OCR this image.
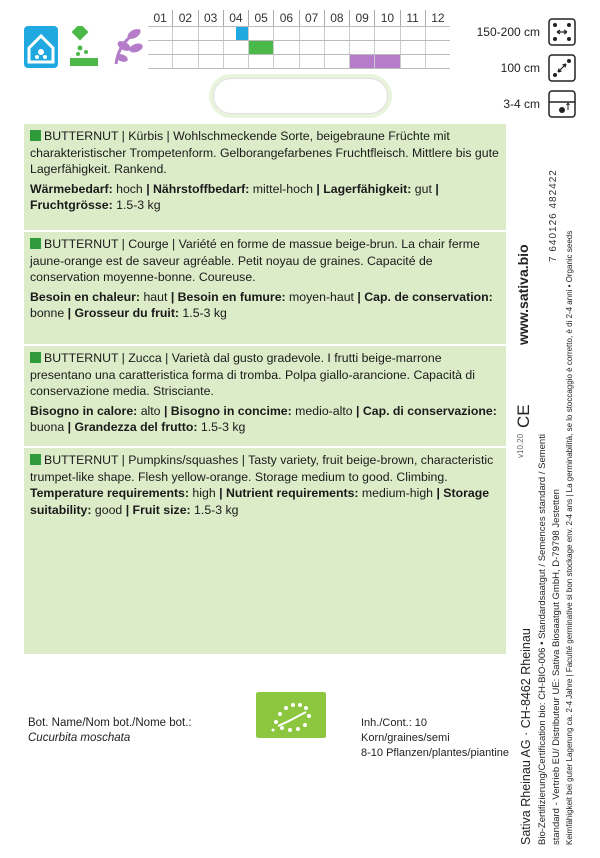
01 02 03 04 05 06 07 08 09 10	11	12
150-200 cm
100 cm
3-4 cm
BUTTERNUT | Kürbis | Wohlschmeckende Sorte, beigebraune Früchte mit charakteristischer Trompetenform. Gelborangefarbenes Fruchtfleisch. Mittlere bis gute Lagerfähigkeit. Rankend.
Wärmebedarf: hoch | Nährstoffbedarf: mittel-hoch | Lagerfähigkeit: gut | Fruchtgrösse: 1.5-3 kg
BUTTERNUT | Courge | Variété en forme de massue beige-brun. La chair ferme jaune-orange est de saveur agréable. Petit noyau de graines. Capacité de conservation moyenne-bonne. Coureuse.
Besoin en chaleur: haut | Besoin en fumure: moyen-haut | Cap. de conservation: bonne | Grosseur du fruit: 1.5-3 kg
BUTTERNUT | Zucca | Varietà dal gusto gradevole. I frutti beige-marrone presentano una caratteristica forma di tromba. Polpa giallo-arancione. Capacità di conservazione media. Strisciante.
Bisogno in calore: alto | Bisogno in concime: medio-alto | Cap. di conservazione: buona | Grandezza del frutto: 1.5-3 kg
BUTTERNUT | Pumpkins/squashes | Tasty variety, fruit beige-brown, characteristic trumpet-like shape. Flesh yellow-orange. Storage medium to good. Climbing.
Temperature requirements: high | Nutrient requirements: medium-high | Storage suitability: good | Fruit size: 1.5-3 kg
Bot. Name/Nom bot./Nome bot.:
Cucurbita moschata
Inh./Cont.: 10 Korn/graines/semi
8-10 Pflanzen/plantes/piantine
www.sativa.bio
7 640126 482422
CE
v10.20
Sativa Rheinau AG · CH-8462 Rheinau Bio-Zertifizierung/Certification bio: CH-BIO-006 • Standardsaatgut / Semences standard / Sementi standard - Vertrieb EU/ Distributeur UE: Sativa Biosaatgut GmbH, D-79798 Jestetten Keimfähigkeit bei guter Lagerung ca. 2-4 Jahre | Faculté germinative si bon stockage env. 2-4 ans | La germinabilità, se lo stoccaggio è corretto, è di 2-4 anni • Organic seeds
